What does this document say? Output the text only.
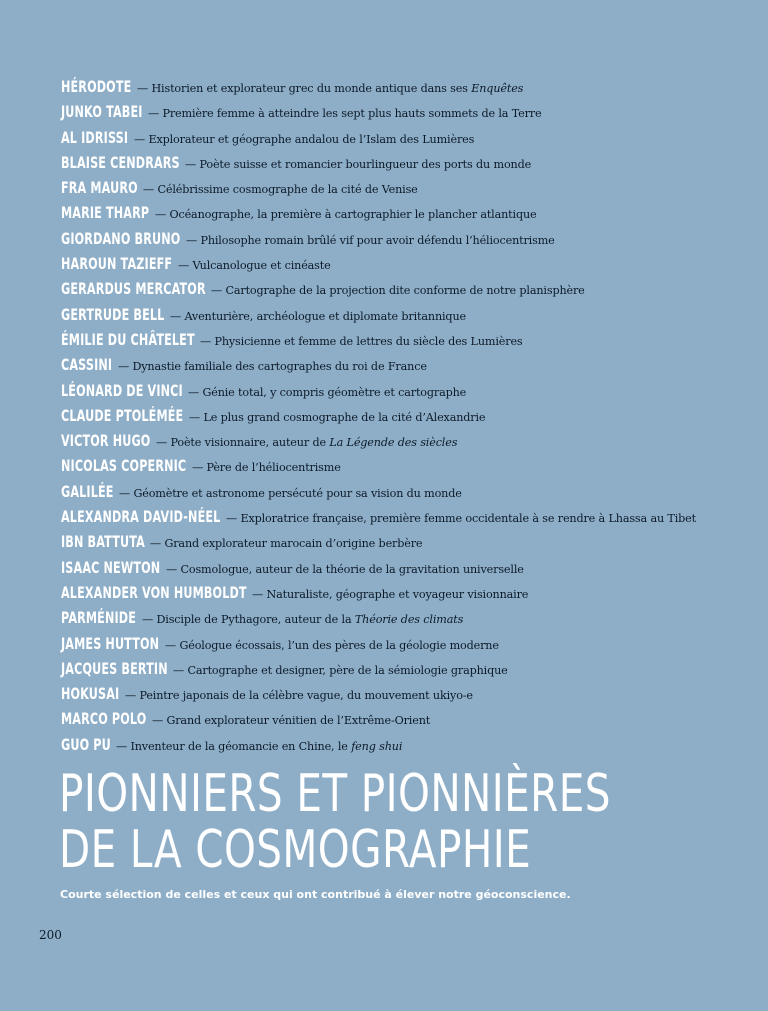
HÉRODOTE — Historien et explorateur grec du monde antique dans ses Enquêtes
JUNKO TABEI — Première femme à atteindre les sept plus hauts sommets de la Terre
AL IDRISSI — Explorateur et géographe andalou de l’Islam des Lumières
BLAISE CENDRARS — Poète suisse et romancier bourlingueur des ports du monde
FRA MAURO — Célébrissime cosmographe de la cité de Venise
MARIE THARP — Océanographe, la première à cartographier le plancher atlantique
GIORDANO BRUNO — Philosophe romain brûlé vif pour avoir défendu l’héliocentrisme
HAROUN TAZIEFF — Vulcanologue et cinéaste
GERARDUS MERCATOR — Cartographe de la projection dite conforme de notre planisphère
GERTRUDE BELL — Aventurière, archéologue et diplomate britannique
ÉMILIE DU CHÂTELET — Physicienne et femme de lettres du siècle des Lumières
CASSINI — Dynastie familiale des cartographes du roi de France
LÉONARD DE VINCI — Génie total, y compris géomètre et cartographe
CLAUDE PTOLÉMÉE — Le plus grand cosmographe de la cité d’Alexandrie
VICTOR HUGO — Poète visionnaire, auteur de La Légende des siècles
NICOLAS COPERNIC — Père de l’héliocentrisme
GALILÉE — Géomètre et astronome persécuté pour sa vision du monde
ALEXANDRA DAVID-NÉEL — Exploratrice française, première femme occidentale à se rendre à Lhassa au Tibet
IBN BATTUTA — Grand explorateur marocain d’origine berbère
ISAAC NEWTON — Cosmologue, auteur de la théorie de la gravitation universelle
ALEXANDER VON HUMBOLDT — Naturaliste, géographe et voyageur visionnaire
PARMÉNIDE — Disciple de Pythagore, auteur de la Théorie des climats
JAMES HUTTON — Géologue écossais, l’un des pères de la géologie moderne
JACQUES BERTIN — Cartographe et designer, père de la sémiologie graphique
HOKUSAI — Peintre japonais de la célèbre vague, du mouvement ukiyo-e
MARCO POLO — Grand explorateur vénitien de l’Extrême-Orient
GUO PU — Inventeur de la géomancie en Chine, le feng shui
PIONNIERS ET PIONNIÈRES
DE LA COSMOGRAPHIE

Courte sélection de celles et ceux qui ont contribué à élever notre géoconscience.

200
